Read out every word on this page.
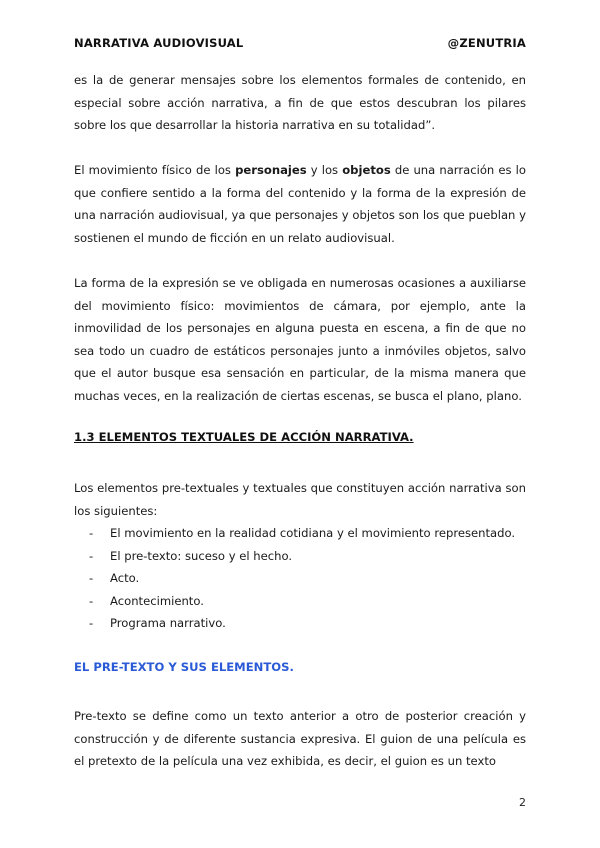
NARRATIVA AUDIOVISUAL	@ZENUTRIA

es la de generar mensajes sobre los elementos formales de contenido, en especial sobre acción narrativa, a fin de que estos descubran los pilares sobre los que desarrollar la historia narrativa en su totalidad”.

El movimiento físico de los personajes y los objetos de una narración es lo que confiere sentido a la forma del contenido y la forma de la expresión de una narración audiovisual, ya que personajes y objetos son los que pueblan y sostienen el mundo de ficción en un relato audiovisual.

La forma de la expresión se ve obligada en numerosas ocasiones a auxiliarse del movimiento físico: movimientos de cámara, por ejemplo, ante la inmovilidad de los personajes en alguna puesta en escena, a fin de que no sea todo un cuadro de estáticos personajes junto a inmóviles objetos, salvo que el autor busque esa sensación en particular, de la misma manera que muchas veces, en la realización de ciertas escenas, se busca el plano, plano.

1.3 ELEMENTOS TEXTUALES DE ACCIÓN NARRATIVA.

Los elementos pre-textuales y textuales que constituyen acción narrativa son los siguientes:

- El movimiento en la realidad cotidiana y el movimiento representado.
- El pre-texto: suceso y el hecho.
- Acto.
- Acontecimiento.
- Programa narrativo.
EL PRE-TEXTO Y SUS ELEMENTOS.

Pre-texto se define como un texto anterior a otro de posterior creación y construcción y de diferente sustancia expresiva. El guion de una película es el pretexto de la película una vez exhibida, es decir, el guion es un texto

2
